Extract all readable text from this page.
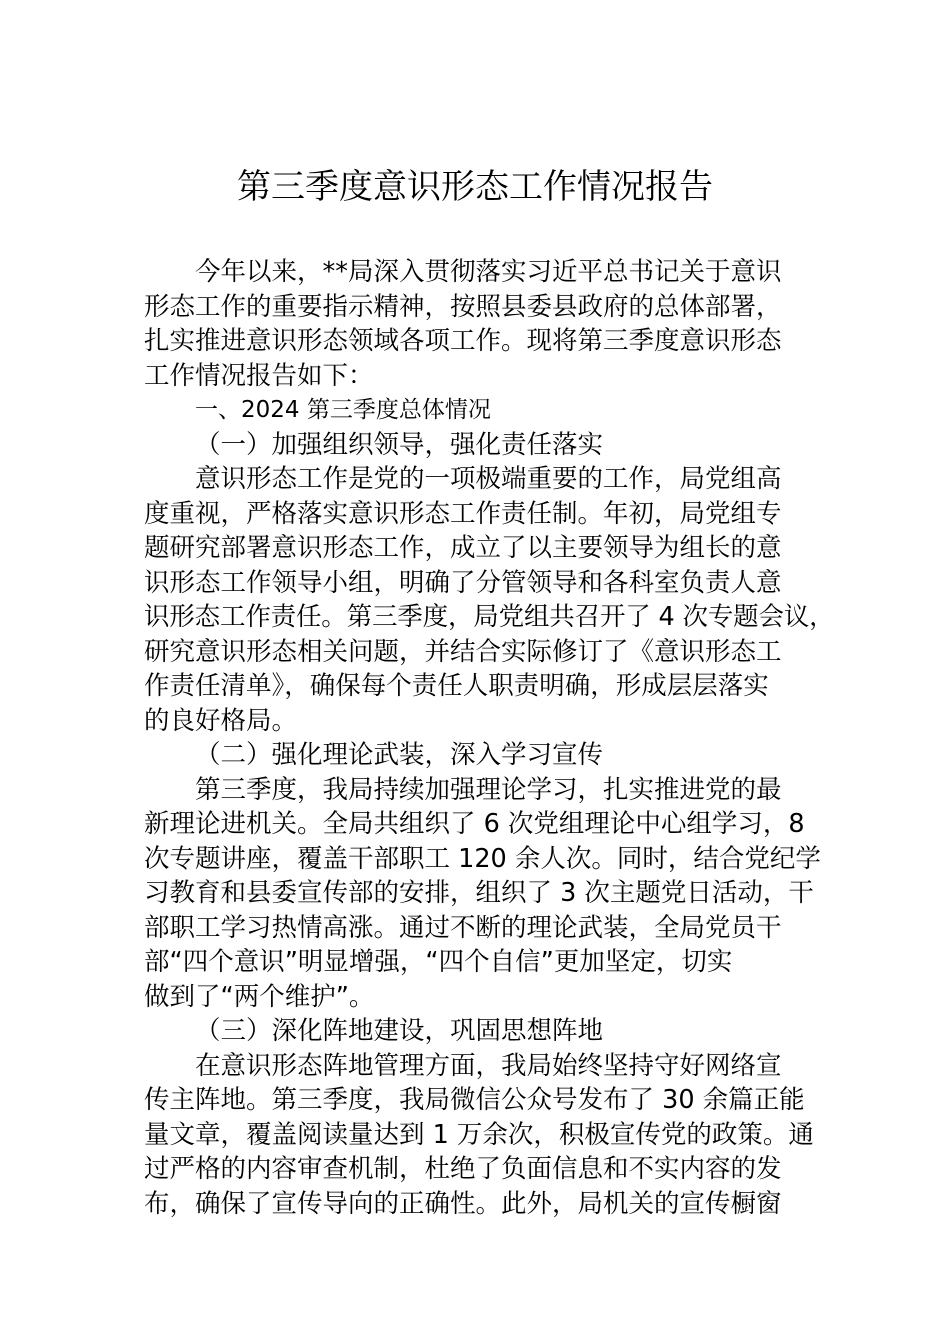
第三季度意识形态工作情况报告
今年以来，**局深入贯彻落实习近平总书记关于意识
形态工作的重要指示精神，按照县委县政府的总体部署，
扎实推进意识形态领域各项工作。现将第三季度意识形态
工作情况报告如下：
一、2024 第三季度总体情况
（一）加强组织领导，强化责任落实
意识形态工作是党的一项极端重要的工作，局党组高
度重视，严格落实意识形态工作责任制。年初，局党组专
题研究部署意识形态工作，成立了以主要领导为组长的意
识形态工作领导小组，明确了分管领导和各科室负责人意
识形态工作责任。第三季度，局党组共召开了 4 次专题会议，
研究意识形态相关问题，并结合实际修订了《意识形态工
作责任清单》，确保每个责任人职责明确，形成层层落实
的良好格局。
（二）强化理论武装，深入学习宣传
第三季度，我局持续加强理论学习，扎实推进党的最
新理论进机关。全局共组织了 6 次党组理论中心组学习，8
次专题讲座，覆盖干部职工 120 余人次。同时，结合党纪学
习教育和县委宣传部的安排，组织了 3 次主题党日活动，干
部职工学习热情高涨。通过不断的理论武装，全局党员干
部“四个意识”明显增强，“四个自信”更加坚定，切实
做到了“两个维护”。
（三）深化阵地建设，巩固思想阵地
在意识形态阵地管理方面，我局始终坚持守好网络宣
传主阵地。第三季度，我局微信公众号发布了 30 余篇正能
量文章，覆盖阅读量达到 1 万余次，积极宣传党的政策。通
过严格的内容审查机制，杜绝了负面信息和不实内容的发
布，确保了宣传导向的正确性。此外，局机关的宣传橱窗
